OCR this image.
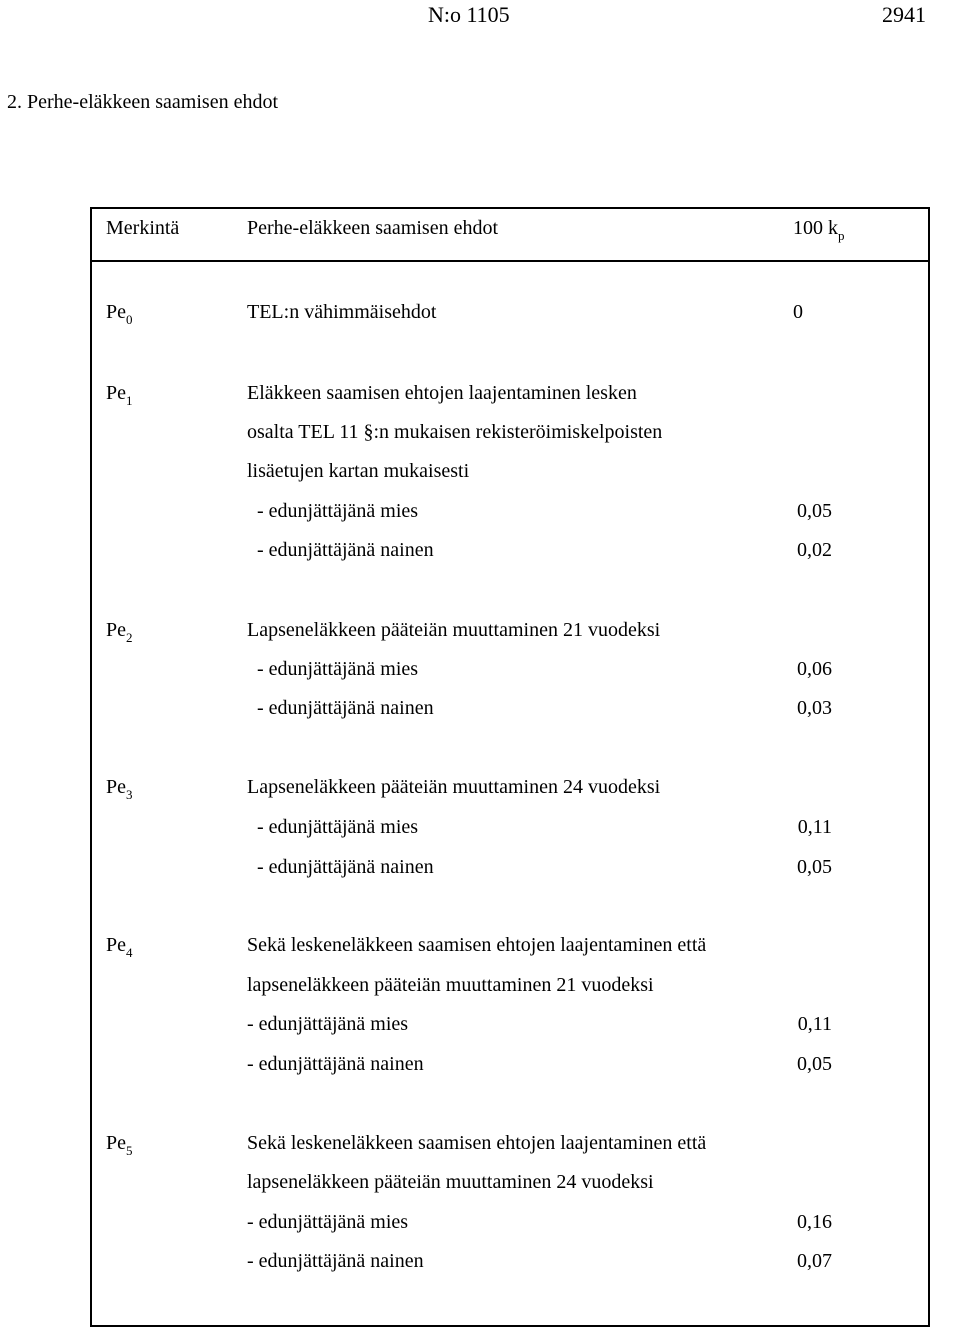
N:o 1105	2941
2. Perhe-eläkkeen saamisen ehdot
Merkintä	Perhe-eläkkeen saamisen ehdot	100 $k_p$
$Pe_0$	TEL:n vähimmäisehdot	0
$Pe_1$	Eläkkeen saamisen ehtojen laajentaminen lesken
osalta TEL 11 §:n mukaisen rekisteröimiskelpoisten
lisäetujen kartan mukaisesti
- edunjättäjänä mies	0,05
- edunjättäjänä nainen	0,02
$Pe_2$	Lapseneläkkeen pääteiän muuttaminen 21 vuodeksi
- edunjättäjänä mies	0,06
- edunjättäjänä nainen	0,03
$Pe_3$	Lapseneläkkeen pääteiän muuttaminen 24 vuodeksi
- edunjättäjänä mies	0,11
- edunjättäjänä nainen	0,05
$Pe_4$	Sekä leskeneläkkeen saamisen ehtojen laajentaminen että
lapseneläkkeen pääteiän muuttaminen 21 vuodeksi
- edunjättäjänä mies	0,11
- edunjättäjänä nainen	0,05
$Pe_5$	Sekä leskeneläkkeen saamisen ehtojen laajentaminen että
lapseneläkkeen pääteiän muuttaminen 24 vuodeksi
- edunjättäjänä mies	0,16
- edunjättäjänä nainen	0,07
